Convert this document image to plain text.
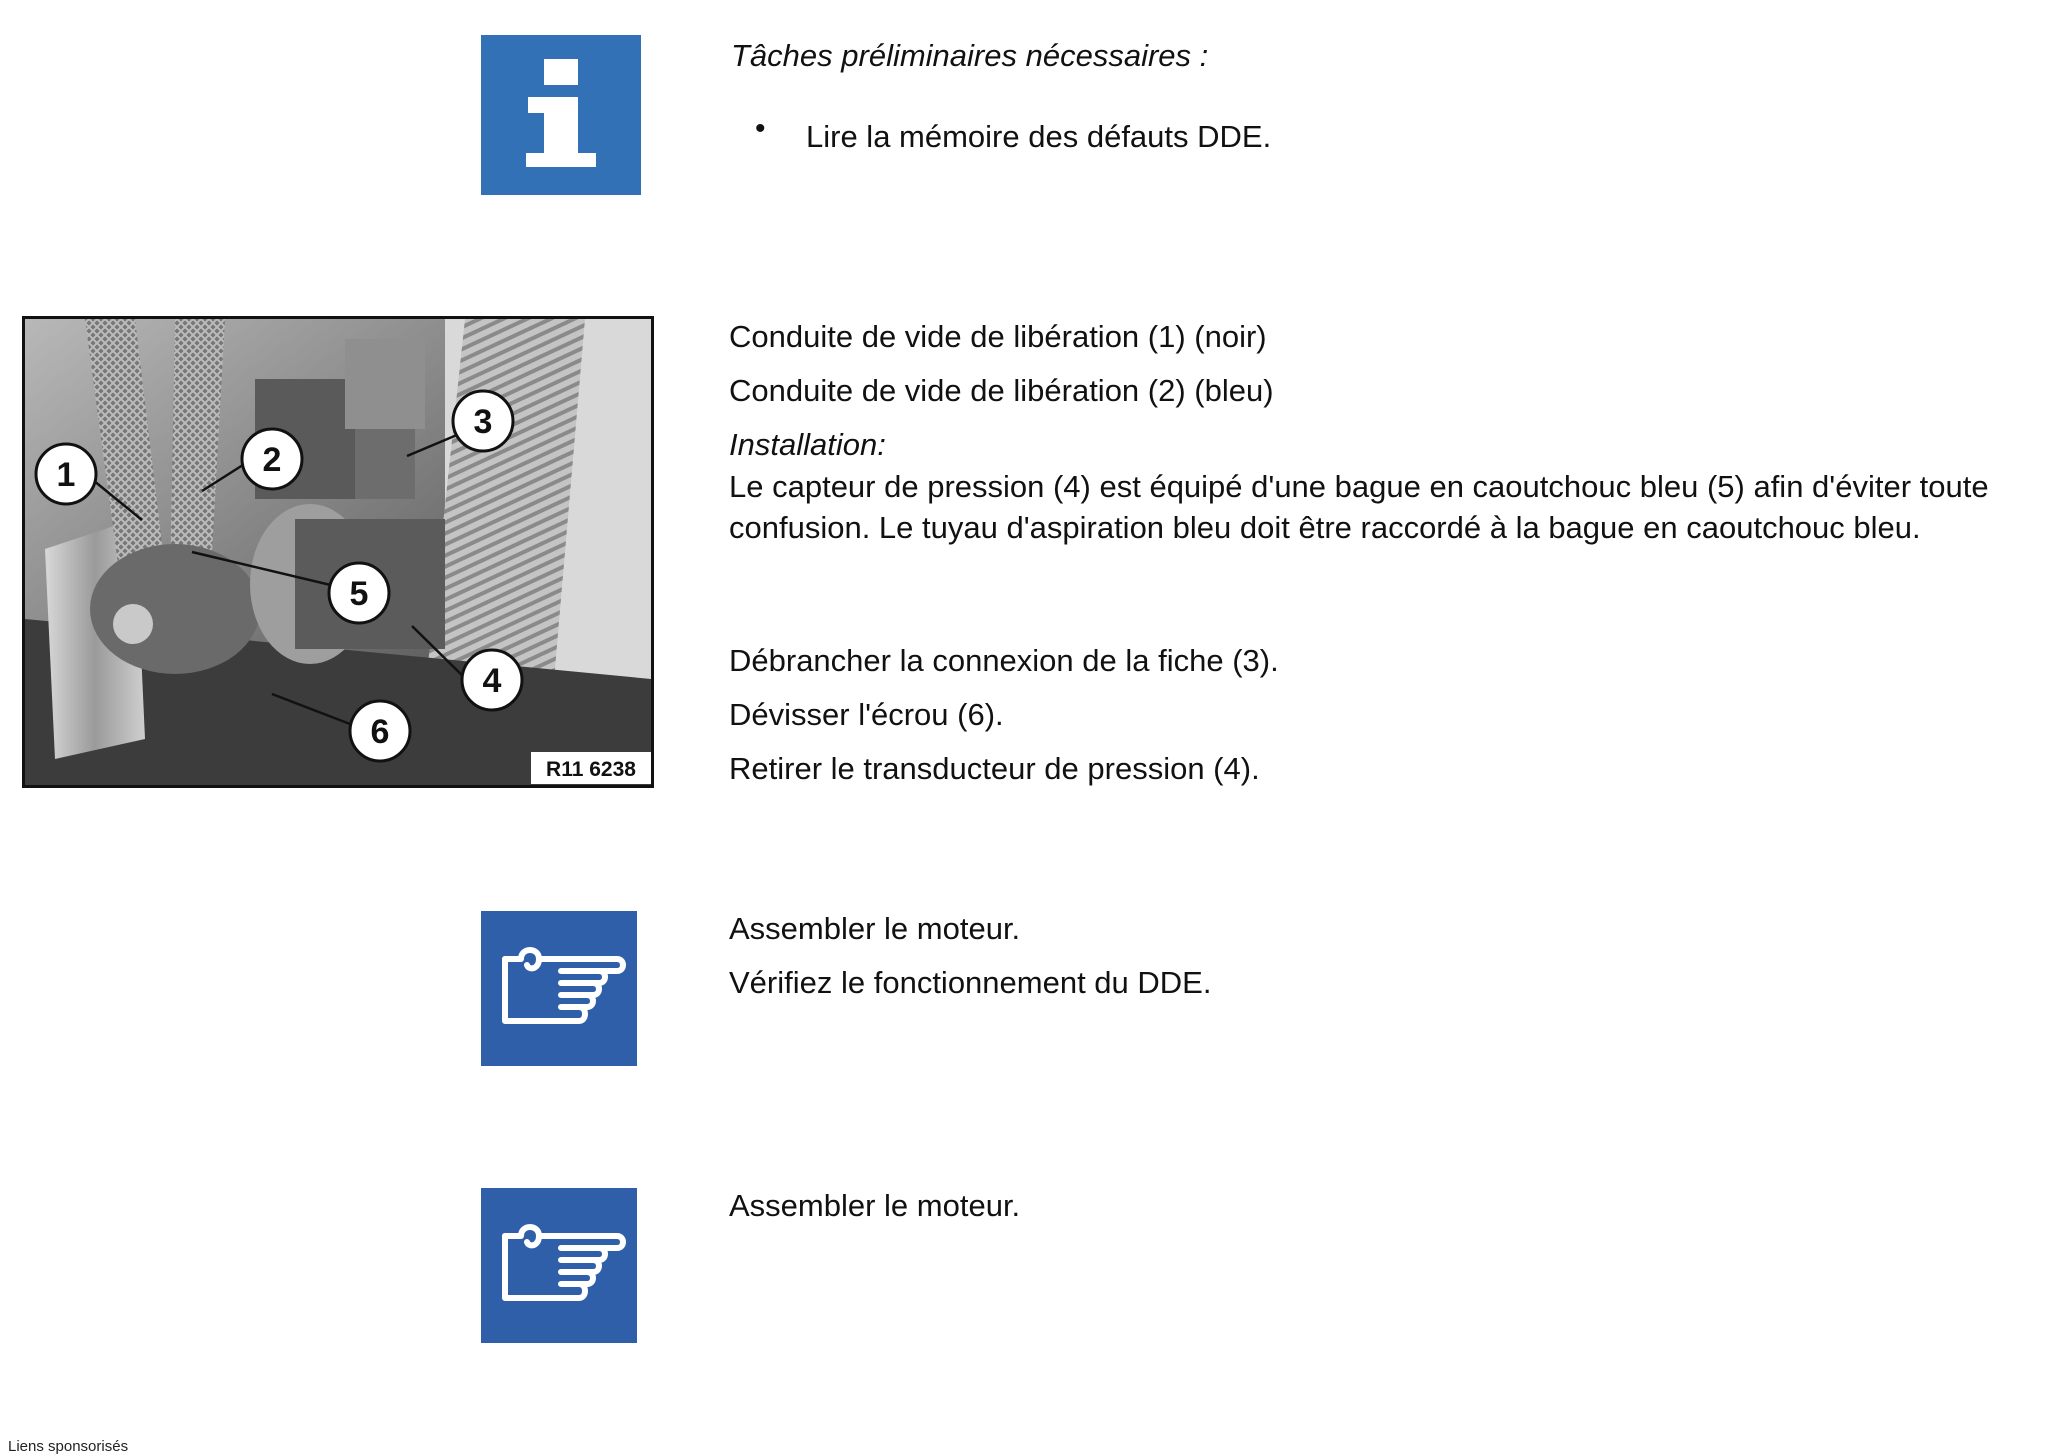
Tâches préliminaires nécessaires :
• Lire la mémoire des défauts DDE.
1	2
3
4
5
6
R11 6238
Conduite de vide de libération (1) (noir)
Conduite de vide de libération (2) (bleu)
Installation:
Le capteur de pression (4) est équipé d'une bague en caoutchouc bleu (5) afin d'éviter toute confusion. Le tuyau d'aspiration bleu doit être raccordé à la bague en caoutchouc bleu.
Débrancher la connexion de la fiche (3).
Dévisser l'écrou (6).
Retirer le transducteur de pression (4).
Assembler le moteur.
Vérifiez le fonctionnement du DDE.
Assembler le moteur.
Liens sponsorisés
